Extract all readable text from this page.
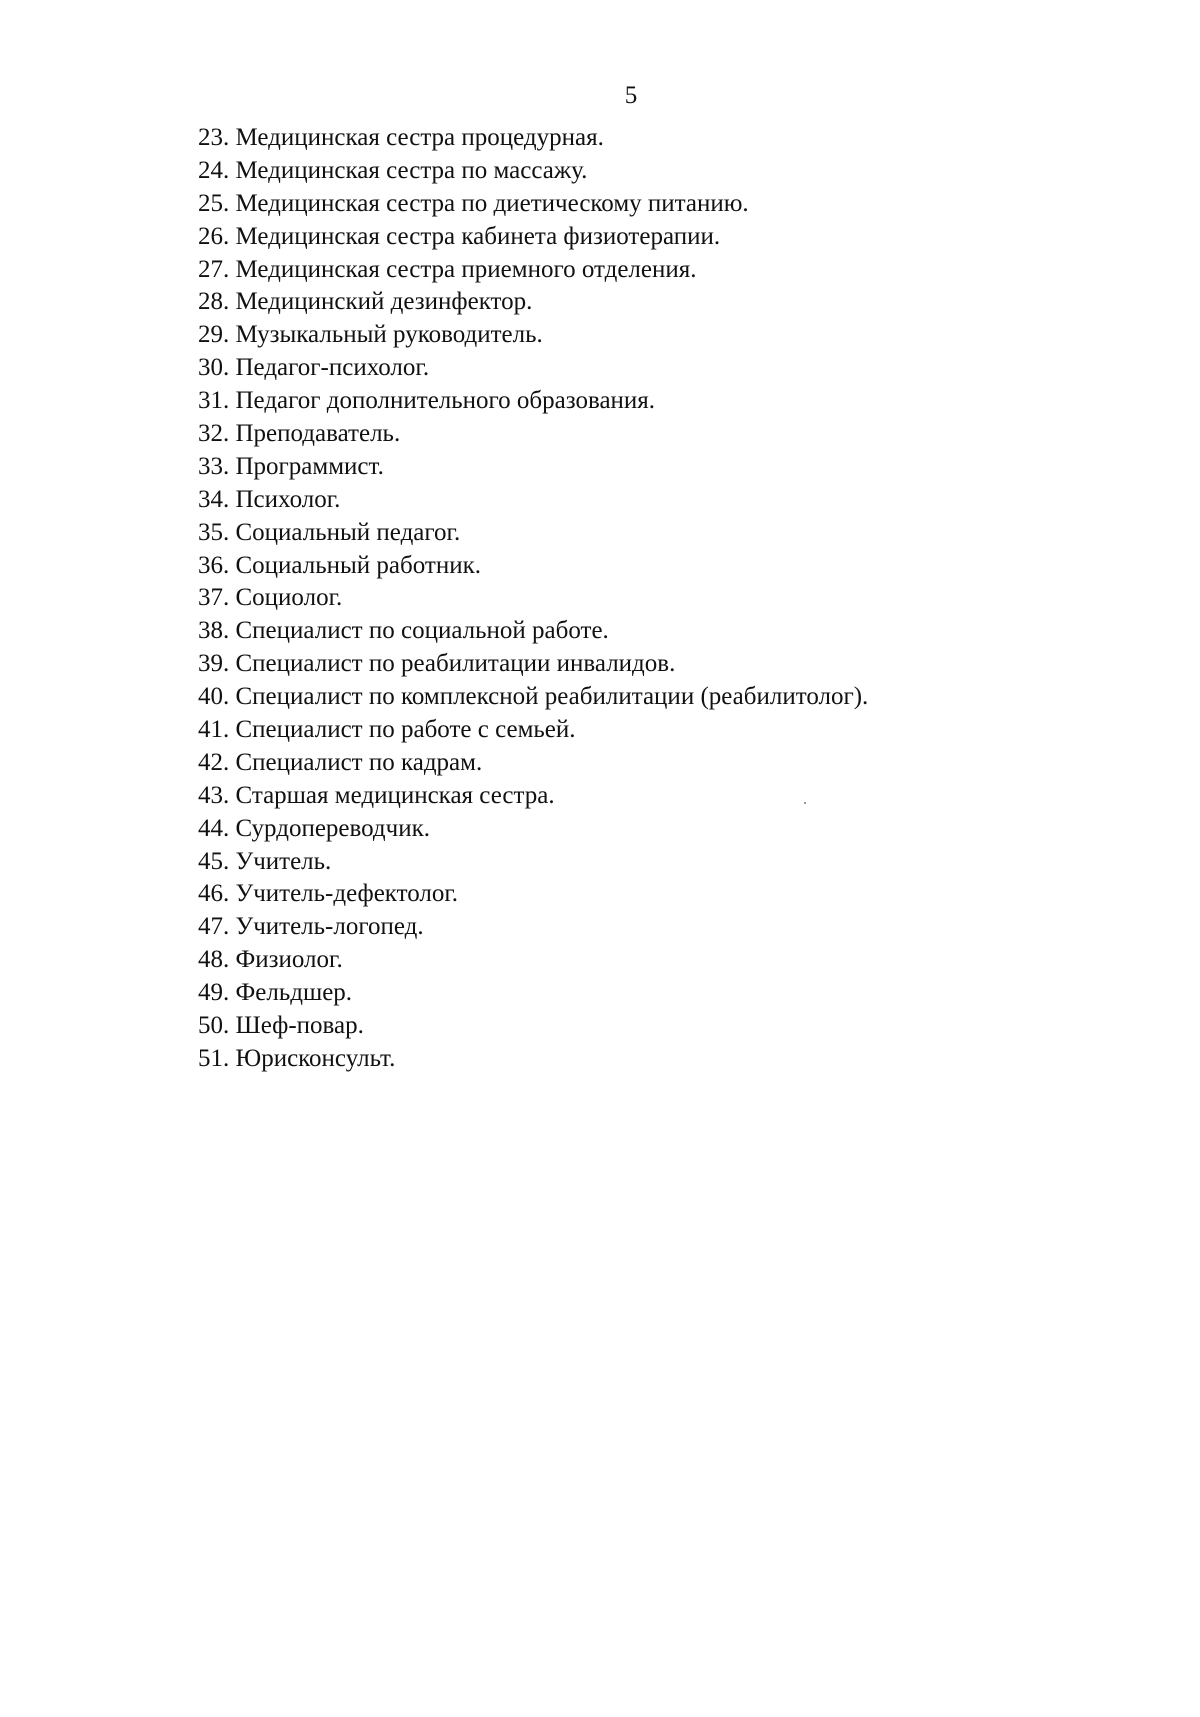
5
23. Медицинская сестра процедурная.
24. Медицинская сестра по массажу.
25. Медицинская сестра по диетическому питанию.
26. Медицинская сестра кабинета физиотерапии.
27. Медицинская сестра приемного отделения.
28. Медицинский дезинфектор.
29. Музыкальный руководитель.
30. Педагог-психолог.
31. Педагог дополнительного образования.
32. Преподаватель.
33. Программист.
34. Психолог.
35. Социальный педагог.
36. Социальный работник.
37. Социолог.
38. Специалист по социальной работе.
39. Специалист по реабилитации инвалидов.
40. Специалист по комплексной реабилитации (реабилитолог).
41. Специалист по работе с семьей.
42. Специалист по кадрам.
43. Старшая медицинская сестра.
44. Сурдопереводчик.
45. Учитель.
46. Учитель-дефектолог.
47. Учитель-логопед.
48. Физиолог.
49. Фельдшер.
50. Шеф-повар.
51. Юрисконсульт.
